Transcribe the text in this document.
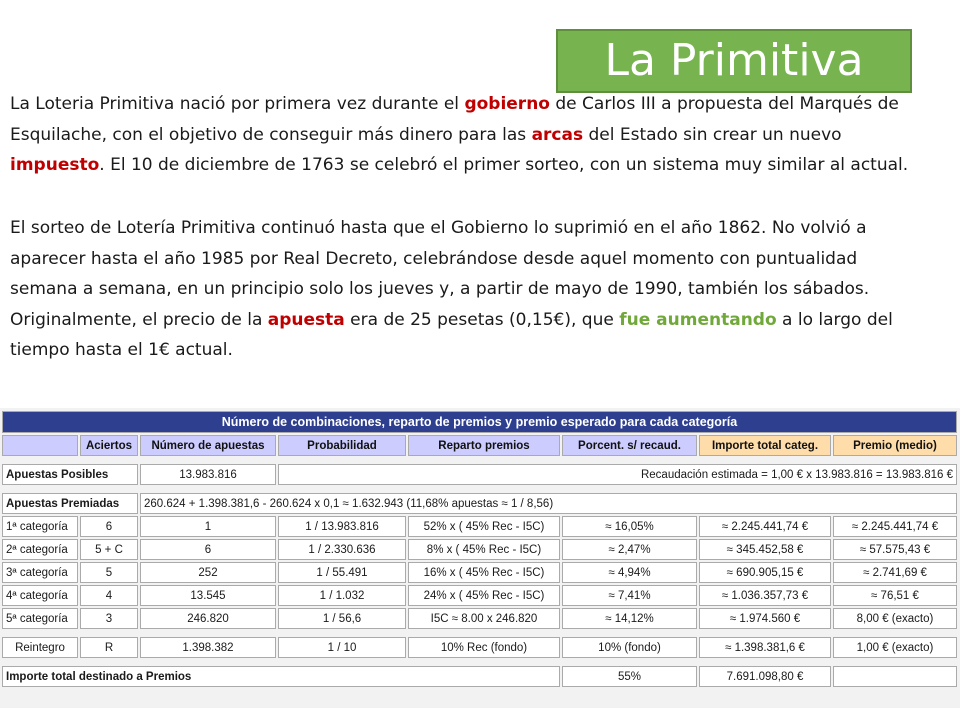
La Primitiva
La Loteria Primitiva nació por primera vez durante el gobierno de Carlos III a propuesta del Marqués de Esquilache, con el objetivo de conseguir más dinero para las arcas del Estado sin crear un nuevo impuesto. El 10 de diciembre de 1763 se celebró el primer sorteo, con un sistema muy similar al actual.
El sorteo de Lotería Primitiva continuó hasta que el Gobierno lo suprimió en el año 1862. No volvió a aparecer hasta el año 1985 por Real Decreto, celebrándose desde aquel momento con puntualidad semana a semana, en un principio solo los jueves y, a partir de mayo de 1990, también los sábados. Originalmente, el precio de la apuesta era de 25 pesetas (0,15€), que fue aumentando a lo largo del tiempo hasta el 1€ actual.
Número de combinaciones, reparto de premios y premio esperado para cada categoría							
	Aciertos	Número de apuestas	Probabilidad	Reparto premios	Porcent. s/ recaud.	Importe total categ.	Premio (medio)

Apuestas Posibles		13.983.816	Recaudación estimada = 1,00 € x 13.983.816 = 13.983.816 €				

Apuestas Premiadas		260.624 + 1.398.381,6 - 260.624 x 0,1 ≈ 1.632.943 (11,68% apuestas ≈ 1 / 8,56)					
1ª categoría	6	1	1 / 13.983.816	52% x ( 45% Rec - I5C)	≈ 16,05%	≈ 2.245.441,74 €	≈ 2.245.441,74 €
2ª categoría	5 + C	6	1 / 2.330.636	8% x ( 45% Rec - I5C)	≈ 2,47%	≈ 345.452,58 €	≈ 57.575,43 €
3ª categoría	5	252	1 / 55.491	16% x ( 45% Rec - I5C)	≈ 4,94%	≈ 690.905,15 €	≈ 2.741,69 €
4ª categoría	4	13.545	1 / 1.032	24% x ( 45% Rec - I5C)	≈ 7,41%	≈ 1.036.357,73 €	≈ 76,51 €
5ª categoría	3	246.820	1 / 56,6	I5C ≈ 8.00 x 246.820	≈ 14,12%	≈ 1.974.560 €	8,00 € (exacto)

Reintegro	R	1.398.382	1 / 10	10% Rec (fondo)	10% (fondo)	≈ 1.398.381,6 €	1,00 € (exacto)

Importe total destinado a Premios					55%	7.691.098,80 €	
